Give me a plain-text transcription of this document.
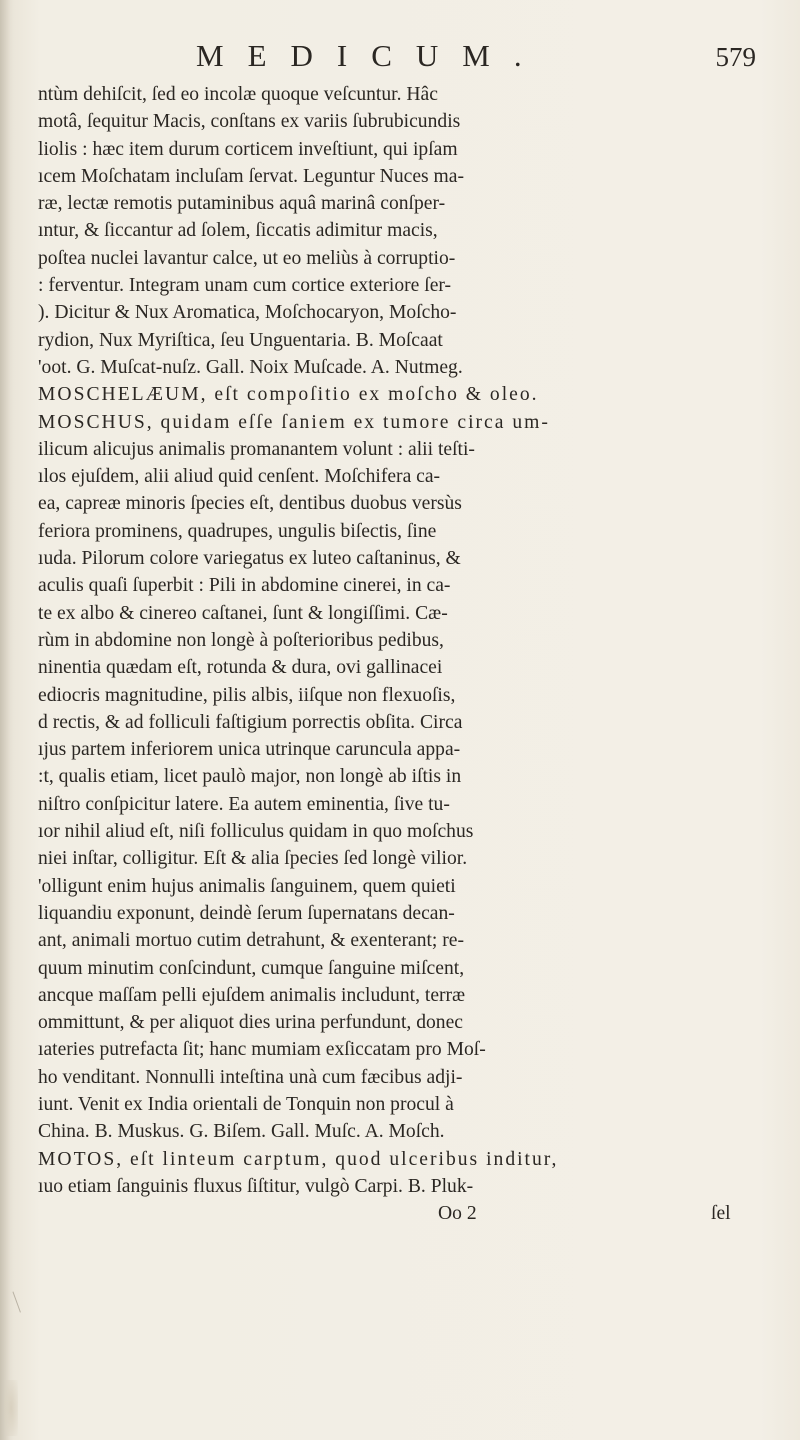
MEDICUM.	579
ntùm dehiſcit, ſed eo incolæ quoque veſcuntur. Hâc
motâ, ſequitur Macis, conſtans ex variis ſubrubicundis
liolis : hæc item durum corticem inveſtiunt, qui ipſam
ıcem Moſchatam incluſam ſervat. Leguntur Nuces ma-
ræ, lectæ remotis putaminibus aquâ marinâ conſper-
ıntur, & ſiccantur ad ſolem, ſiccatis adimitur macis,
poſtea nuclei lavantur calce, ut eo meliùs à corruptio-
: ferventur. Integram unam cum cortice exteriore ſer-
). Dicitur & Nux Aromatica, Moſchocaryon, Moſcho-
rydion, Nux Myriſtica, ſeu Unguentaria. B. Moſcaat
'oot. G. Muſcat-nuſz. Gall. Noix Muſcade. A. Nutmeg.
MOSCHELÆUM, eſt compoſitio ex moſcho & oleo.
MOSCHUS, quidam eſſe ſaniem ex tumore circa um-
ilicum alicujus animalis promanantem volunt : alii teſti-
ılos ejuſdem, alii aliud quid cenſent. Moſchifera ca-
ea, capreæ minoris ſpecies eſt, dentibus duobus versùs
feriora prominens, quadrupes, ungulis biſectis, ſine
ıuda. Pilorum colore variegatus ex luteo caſtaninus, &
aculis quaſi ſuperbit : Pili in abdomine cinerei, in ca-
te ex albo & cinereo caſtanei, ſunt & longiſſimi. Cæ-
rùm in abdomine non longè à poſterioribus pedibus,
ninentia quædam eſt, rotunda & dura, ovi gallinacei
ediocris magnitudine, pilis albis, iiſque non flexuoſis,
d rectis, & ad folliculi faſtigium porrectis obſita. Circa
ıjus partem inferiorem unica utrinque caruncula appa-
:t, qualis etiam, licet paulò major, non longè ab iſtis in
niſtro conſpicitur latere. Ea autem eminentia, ſive tu-
ıor nihil aliud eſt, niſi folliculus quidam in quo moſchus
niei inſtar, colligitur. Eſt & alia ſpecies ſed longè vilior.
'olligunt enim hujus animalis ſanguinem, quem quieti
liquandiu exponunt, deindè ſerum ſupernatans decan-
ant, animali mortuo cutim detrahunt, & exenterant; re-
quum minutim conſcindunt, cumque ſanguine miſcent,
ancque maſſam pelli ejuſdem animalis includunt, terræ
ommittunt, & per aliquot dies urina perfundunt, donec
ıateries putrefacta ſit; hanc mumiam exſiccatam pro Moſ-
ho venditant. Nonnulli inteſtina unà cum fæcibus adji-
iunt. Venit ex India orientali de Tonquin non procul à
China. B. Muskus. G. Biſem. Gall. Muſc. A. Moſch.
MOTOS, eſt linteum carptum, quod ulceribus inditur,
ıuo etiam ſanguinis fluxus ſiſtitur, vulgò Carpi. B. Pluk-
Oo 2	ſel
